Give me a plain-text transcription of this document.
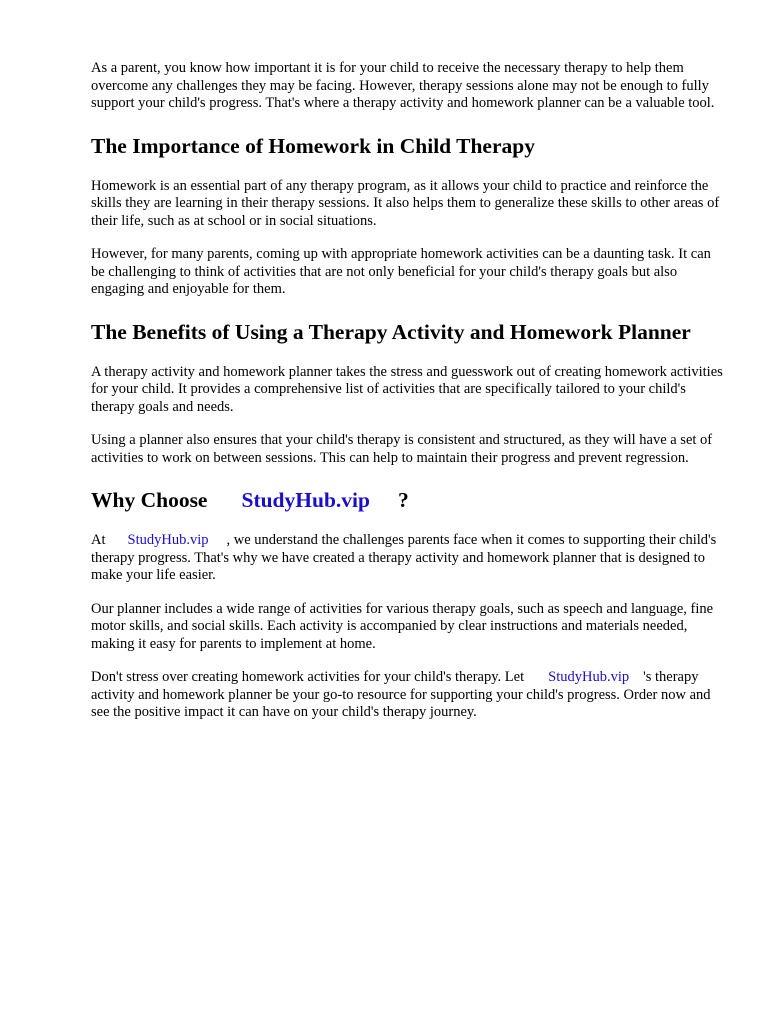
As a parent, you know how important it is for your child to receive the necessary therapy to help them overcome any challenges they may be facing. However, therapy sessions alone may not be enough to fully support your child's progress. That's where a therapy activity and homework planner can be a valuable tool.

The Importance of Homework in Child Therapy

Homework is an essential part of any therapy program, as it allows your child to practice and reinforce the skills they are learning in their therapy sessions. It also helps them to generalize these skills to other areas of their life, such as at school or in social situations.

However, for many parents, coming up with appropriate homework activities can be a daunting task. It can be challenging to think of activities that are not only beneficial for your child's therapy goals but also engaging and enjoyable for them.

The Benefits of Using a Therapy Activity and Homework Planner

A therapy activity and homework planner takes the stress and guesswork out of creating homework activities for your child. It provides a comprehensive list of activities that are specifically tailored to your child's therapy goals and needs.

Using a planner also ensures that your child's therapy is consistent and structured, as they will have a set of activities to work on between sessions. This can help to maintain their progress and prevent regression.

Why Choose StudyHub.vip ?

At StudyHub.vip , we understand the challenges parents face when it comes to supporting their child's therapy progress. That's why we have created a therapy activity and homework planner that is designed to make your life easier.

Our planner includes a wide range of activities for various therapy goals, such as speech and language, fine motor skills, and social skills. Each activity is accompanied by clear instructions and materials needed, making it easy for parents to implement at home.

Don't stress over creating homework activities for your child's therapy. Let StudyHub.vip 's therapy activity and homework planner be your go-to resource for supporting your child's progress. Order now and see the positive impact it can have on your child's therapy journey.
